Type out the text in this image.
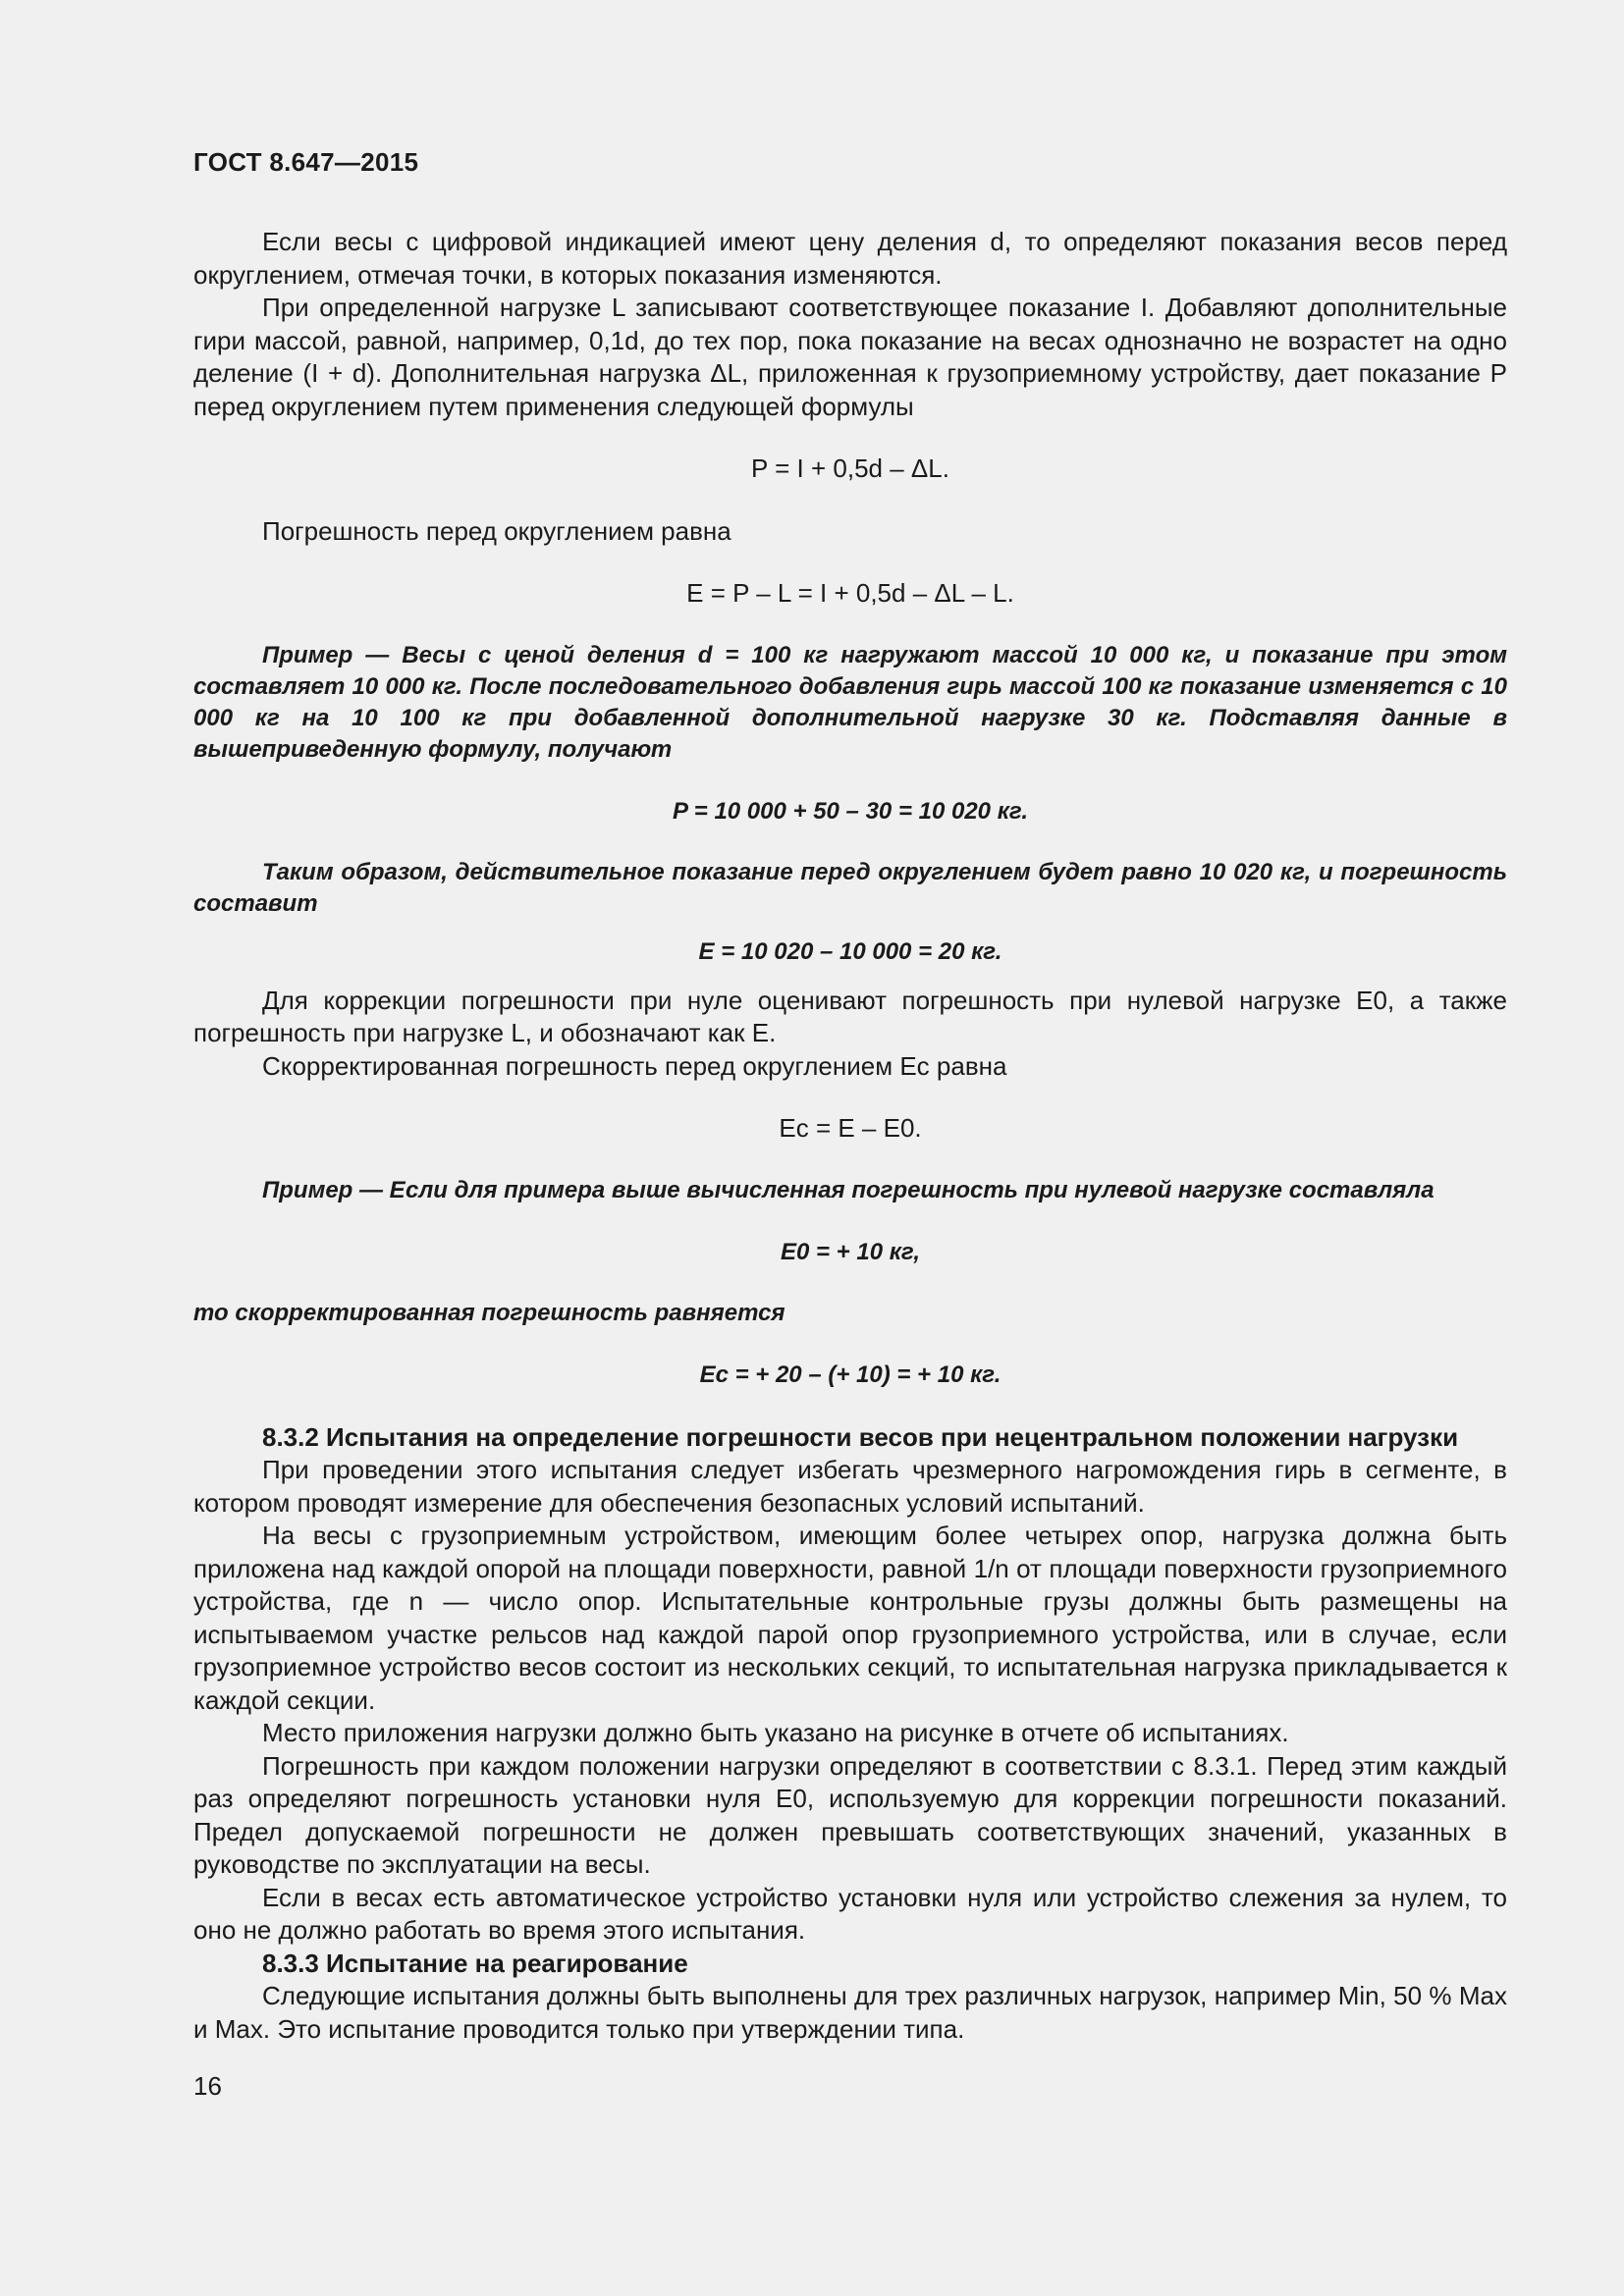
ГОСТ 8.647—2015

Если весы с цифровой индикацией имеют цену деления d, то определяют показания весов перед округлением, отмечая точки, в которых показания изменяются.

При определенной нагрузке L записывают соответствующее показание I. Добавляют дополнительные гири массой, равной, например, 0,1d, до тех пор, пока показание на весах однозначно не возрастет на одно деление (I + d). Дополнительная нагрузка ΔL, приложенная к грузоприемному устройству, дает показание P перед округлением путем применения следующей формулы

P = I + 0,5d – ΔL.

Погрешность перед округлением равна

E = P – L = I + 0,5d – ΔL – L.

Пример — Весы с ценой деления d = 100 кг нагружают массой 10 000 кг, и показание при этом составляет 10 000 кг. После последовательного добавления гирь массой 100 кг показание изменяется с 10 000 кг на 10 100 кг при добавленной дополнительной нагрузке 30 кг. Подставляя данные в вышеприведенную формулу, получают

P = 10 000 + 50 – 30 = 10 020 кг.

Таким образом, действительное показание перед округлением будет равно 10 020 кг, и погрешность составит

E = 10 020 – 10 000 = 20 кг.

Для коррекции погрешности при нуле оценивают погрешность при нулевой нагрузке E0, а также погрешность при нагрузке L, и обозначают как E.

Скорректированная погрешность перед округлением Ec равна

Ec = E – E0.

Пример — Если для примера выше вычисленная погрешность при нулевой нагрузке составляла

E0 = + 10 кг,

то скорректированная погрешность равняется

Ec = + 20 – (+ 10) = + 10 кг.

8.3.2 Испытания на определение погрешности весов при нецентральном положении нагрузки

При проведении этого испытания следует избегать чрезмерного нагромождения гирь в сегменте, в котором проводят измерение для обеспечения безопасных условий испытаний.

На весы с грузоприемным устройством, имеющим более четырех опор, нагрузка должна быть приложена над каждой опорой на площади поверхности, равной 1/n от площади поверхности грузоприемного устройства, где n — число опор. Испытательные контрольные грузы должны быть размещены на испытываемом участке рельсов над каждой парой опор грузоприемного устройства, или в случае, если грузоприемное устройство весов состоит из нескольких секций, то испытательная нагрузка прикладывается к каждой секции.

Место приложения нагрузки должно быть указано на рисунке в отчете об испытаниях.

Погрешность при каждом положении нагрузки определяют в соответствии с 8.3.1. Перед этим каждый раз определяют погрешность установки нуля E0, используемую для коррекции погрешности показаний. Предел допускаемой погрешности не должен превышать соответствующих значений, указанных в руководстве по эксплуатации на весы.

Если в весах есть автоматическое устройство установки нуля или устройство слежения за нулем, то оно не должно работать во время этого испытания.

8.3.3 Испытание на реагирование

Следующие испытания должны быть выполнены для трех различных нагрузок, например Min, 50 % Max и Max. Это испытание проводится только при утверждении типа.

16
